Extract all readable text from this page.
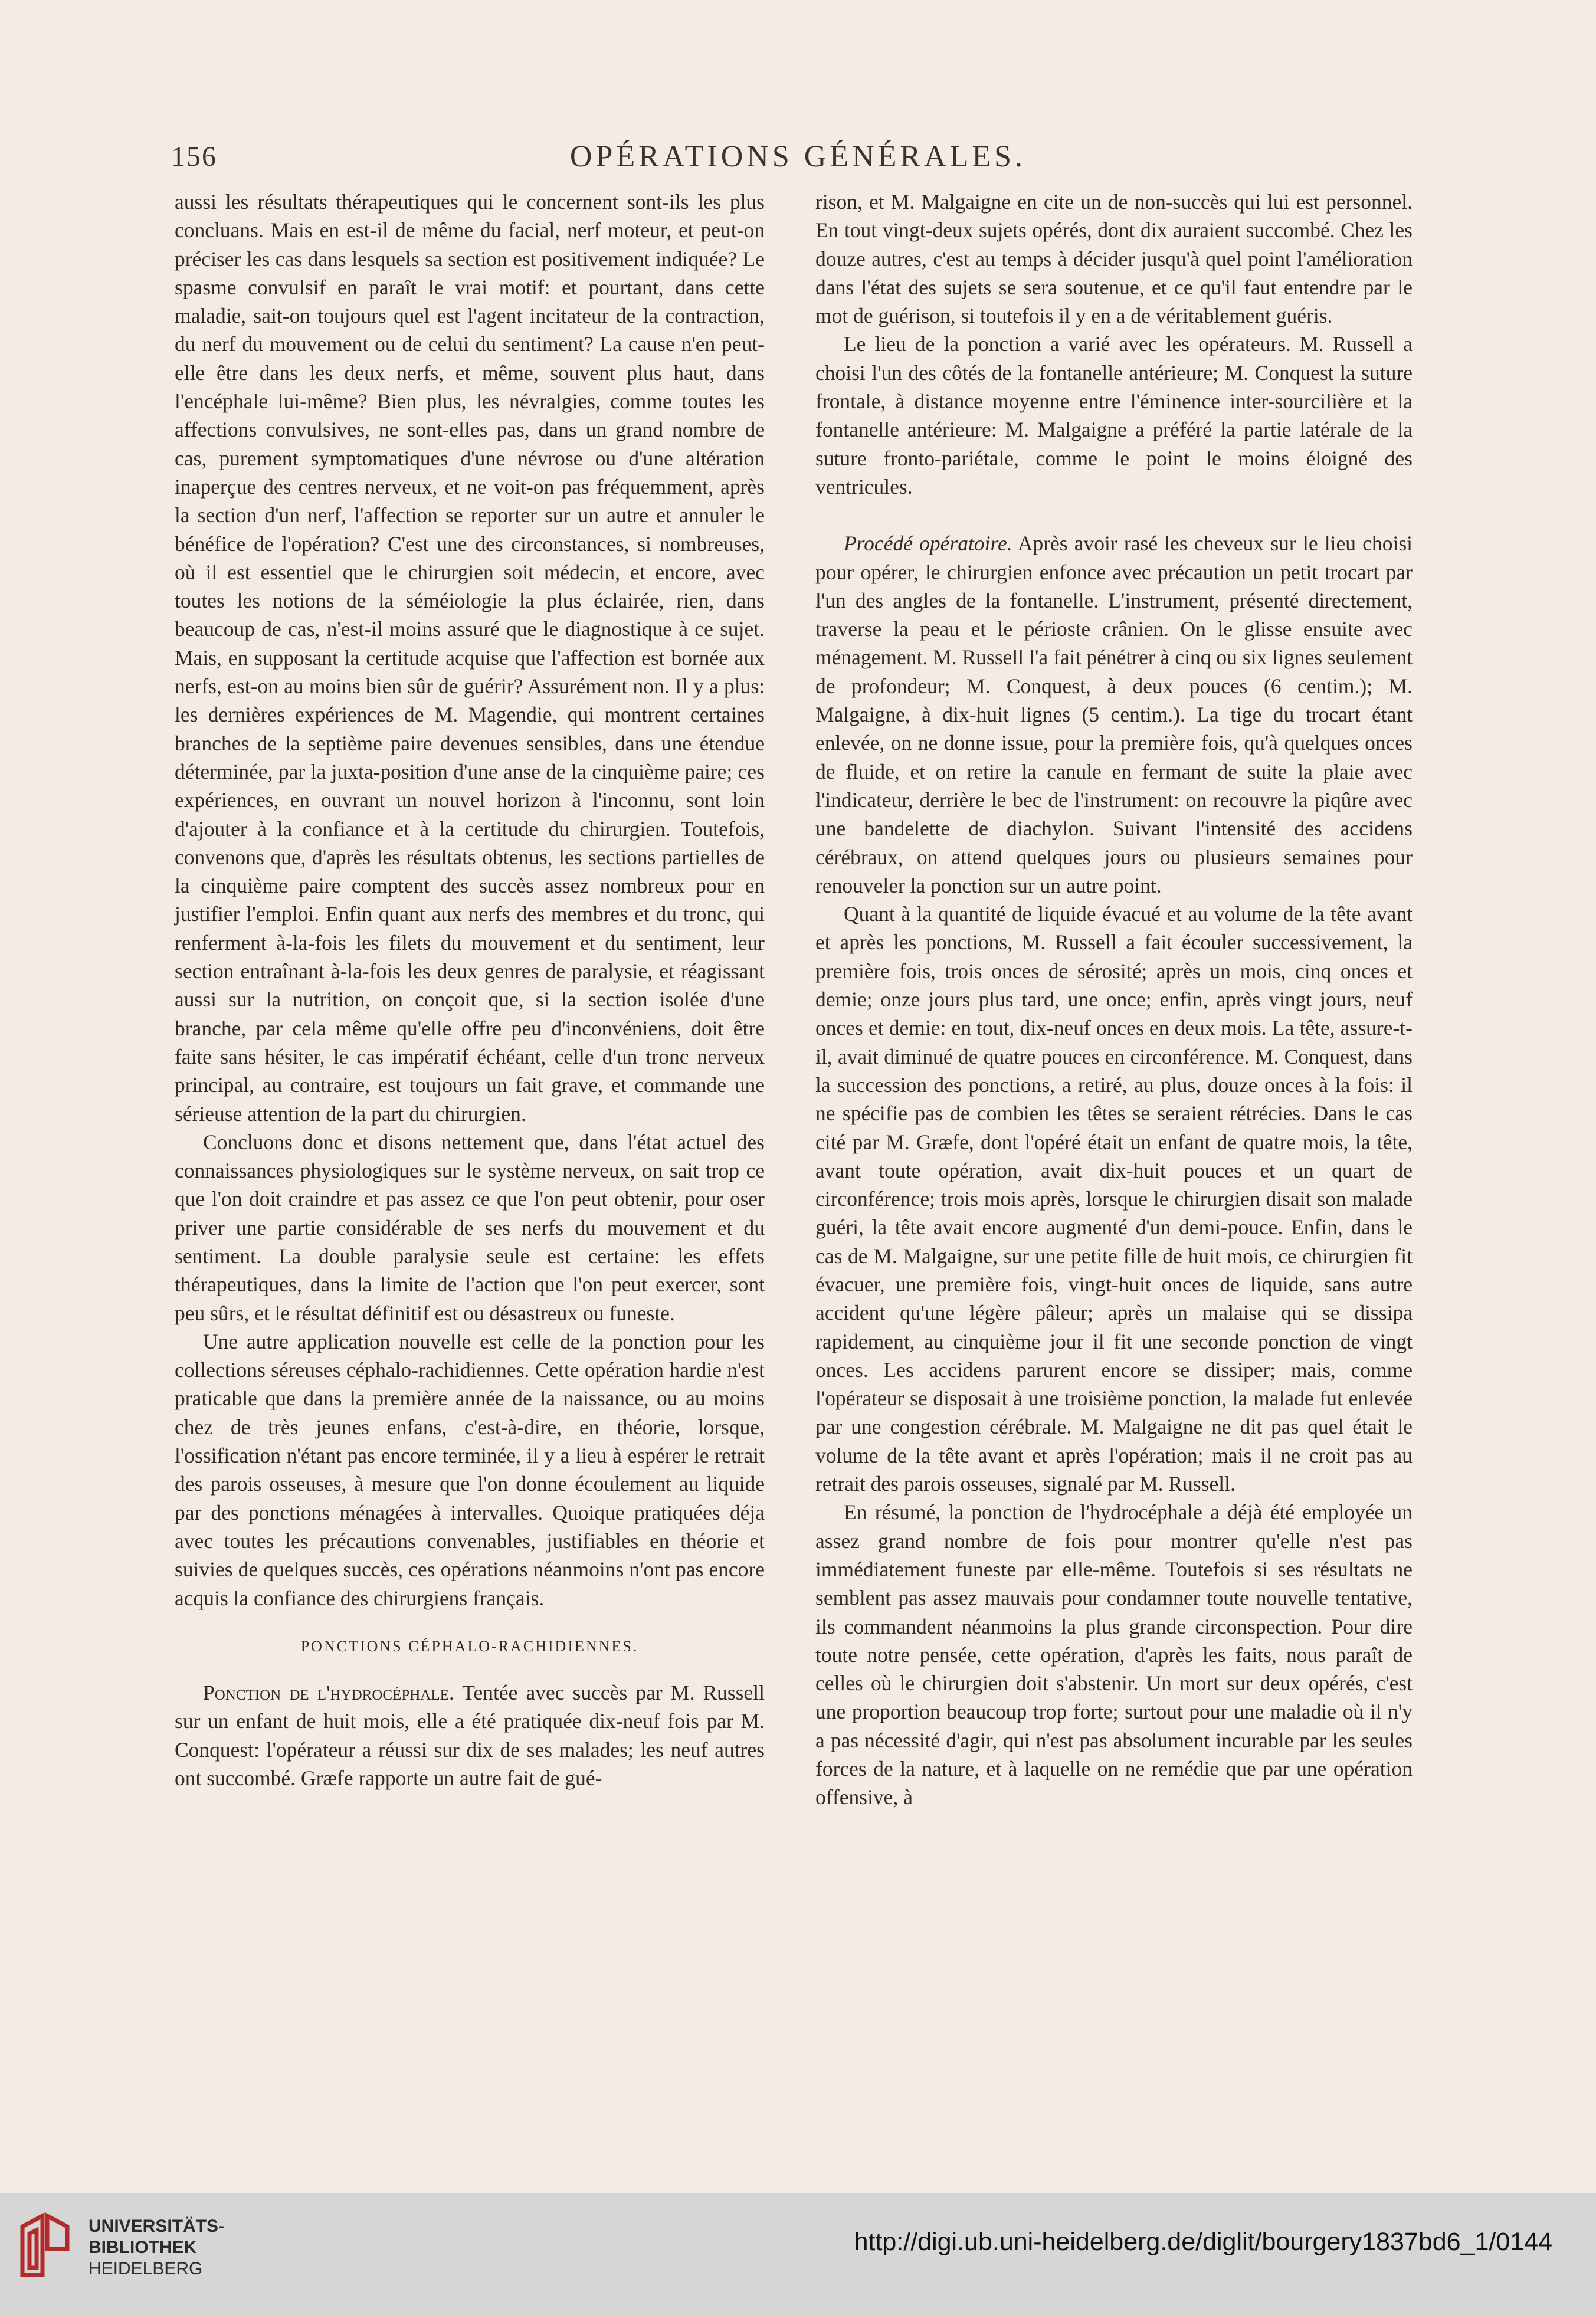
156	OPÉRATIONS GÉNÉRALES.

aussi les résultats thérapeutiques qui le concernent sont-ils les plus concluans. Mais en est-il de même du facial, nerf moteur, et peut-on préciser les cas dans lesquels sa section est positivement indiquée? Le spasme convulsif en paraît le vrai motif: et pourtant, dans cette maladie, sait-on toujours quel est l'agent incitateur de la contraction, du nerf du mouvement ou de celui du sentiment? La cause n'en peut-elle être dans les deux nerfs, et même, souvent plus haut, dans l'encéphale lui-même? Bien plus, les névralgies, comme toutes les affections convulsives, ne sont-elles pas, dans un grand nombre de cas, purement symptomatiques d'une névrose ou d'une altération inaperçue des centres nerveux, et ne voit-on pas fréquemment, après la section d'un nerf, l'affection se reporter sur un autre et annuler le bénéfice de l'opération? C'est une des circonstances, si nombreuses, où il est essentiel que le chirurgien soit médecin, et encore, avec toutes les notions de la séméiologie la plus éclairée, rien, dans beaucoup de cas, n'est-il moins assuré que le diagnostique à ce sujet. Mais, en supposant la certitude acquise que l'affection est bornée aux nerfs, est-on au moins bien sûr de guérir? Assurément non. Il y a plus: les dernières expériences de M. Magendie, qui montrent certaines branches de la septième paire devenues sensibles, dans une étendue déterminée, par la juxta-position d'une anse de la cinquième paire; ces expériences, en ouvrant un nouvel horizon à l'inconnu, sont loin d'ajouter à la confiance et à la certitude du chirurgien. Toutefois, convenons que, d'après les résultats obtenus, les sections partielles de la cinquième paire comptent des succès assez nombreux pour en justifier l'emploi. Enfin quant aux nerfs des membres et du tronc, qui renferment à-la-fois les filets du mouvement et du sentiment, leur section entraînant à-la-fois les deux genres de paralysie, et réagissant aussi sur la nutrition, on conçoit que, si la section isolée d'une branche, par cela même qu'elle offre peu d'inconvéniens, doit être faite sans hésiter, le cas impératif échéant, celle d'un tronc nerveux principal, au contraire, est toujours un fait grave, et commande une sérieuse attention de la part du chirurgien.

Concluons donc et disons nettement que, dans l'état actuel des connaissances physiologiques sur le système nerveux, on sait trop ce que l'on doit craindre et pas assez ce que l'on peut obtenir, pour oser priver une partie considérable de ses nerfs du mouvement et du sentiment. La double paralysie seule est certaine: les effets thérapeutiques, dans la limite de l'action que l'on peut exercer, sont peu sûrs, et le résultat définitif est ou désastreux ou funeste.

Une autre application nouvelle est celle de la ponction pour les collections séreuses céphalo-rachidiennes. Cette opération hardie n'est praticable que dans la première année de la naissance, ou au moins chez de très jeunes enfans, c'est-à-dire, en théorie, lorsque, l'ossification n'étant pas encore terminée, il y a lieu à espérer le retrait des parois osseuses, à mesure que l'on donne écoulement au liquide par des ponctions ménagées à intervalles. Quoique pratiquées déja avec toutes les précautions convenables, justifiables en théorie et suivies de quelques succès, ces opérations néanmoins n'ont pas encore acquis la confiance des chirurgiens français.

PONCTIONS CÉPHALO-RACHIDIENNES.

Ponction de l'hydrocéphale. Tentée avec succès par M. Russell sur un enfant de huit mois, elle a été pratiquée dix-neuf fois par M. Conquest: l'opérateur a réussi sur dix de ses malades; les neuf autres ont succombé. Græfe rapporte un autre fait de gué-

rison, et M. Malgaigne en cite un de non-succès qui lui est personnel. En tout vingt-deux sujets opérés, dont dix auraient succombé. Chez les douze autres, c'est au temps à décider jusqu'à quel point l'amélioration dans l'état des sujets se sera soutenue, et ce qu'il faut entendre par le mot de guérison, si toutefois il y en a de véritablement guéris.

Le lieu de la ponction a varié avec les opérateurs. M. Russell a choisi l'un des côtés de la fontanelle antérieure; M. Conquest la suture frontale, à distance moyenne entre l'éminence inter-sourcilière et la fontanelle antérieure: M. Malgaigne a préféré la partie latérale de la suture fronto-pariétale, comme le point le moins éloigné des ventricules.

Procédé opératoire. Après avoir rasé les cheveux sur le lieu choisi pour opérer, le chirurgien enfonce avec précaution un petit trocart par l'un des angles de la fontanelle. L'instrument, présenté directement, traverse la peau et le périoste crânien. On le glisse ensuite avec ménagement. M. Russell l'a fait pénétrer à cinq ou six lignes seulement de profondeur; M. Conquest, à deux pouces (6 centim.); M. Malgaigne, à dix-huit lignes (5 centim.). La tige du trocart étant enlevée, on ne donne issue, pour la première fois, qu'à quelques onces de fluide, et on retire la canule en fermant de suite la plaie avec l'indicateur, derrière le bec de l'instrument: on recouvre la piqûre avec une bandelette de diachylon. Suivant l'intensité des accidens cérébraux, on attend quelques jours ou plusieurs semaines pour renouveler la ponction sur un autre point.

Quant à la quantité de liquide évacué et au volume de la tête avant et après les ponctions, M. Russell a fait écouler successivement, la première fois, trois onces de sérosité; après un mois, cinq onces et demie; onze jours plus tard, une once; enfin, après vingt jours, neuf onces et demie: en tout, dix-neuf onces en deux mois. La tête, assure-t-il, avait diminué de quatre pouces en circonférence. M. Conquest, dans la succession des ponctions, a retiré, au plus, douze onces à la fois: il ne spécifie pas de combien les têtes se seraient rétrécies. Dans le cas cité par M. Græfe, dont l'opéré était un enfant de quatre mois, la tête, avant toute opération, avait dix-huit pouces et un quart de circonférence; trois mois après, lorsque le chirurgien disait son malade guéri, la tête avait encore augmenté d'un demi-pouce. Enfin, dans le cas de M. Malgaigne, sur une petite fille de huit mois, ce chirurgien fit évacuer, une première fois, vingt-huit onces de liquide, sans autre accident qu'une légère pâleur; après un malaise qui se dissipa rapidement, au cinquième jour il fit une seconde ponction de vingt onces. Les accidens parurent encore se dissiper; mais, comme l'opérateur se disposait à une troisième ponction, la malade fut enlevée par une congestion cérébrale. M. Malgaigne ne dit pas quel était le volume de la tête avant et après l'opération; mais il ne croit pas au retrait des parois osseuses, signalé par M. Russell.

En résumé, la ponction de l'hydrocéphale a déjà été employée un assez grand nombre de fois pour montrer qu'elle n'est pas immédiatement funeste par elle-même. Toutefois si ses résultats ne semblent pas assez mauvais pour condamner toute nouvelle tentative, ils commandent néanmoins la plus grande circonspection. Pour dire toute notre pensée, cette opération, d'après les faits, nous paraît de celles où le chirurgien doit s'abstenir. Un mort sur deux opérés, c'est une proportion beaucoup trop forte; surtout pour une maladie où il n'y a pas nécessité d'agir, qui n'est pas absolument incurable par les seules forces de la nature, et à laquelle on ne remédie que par une opération offensive, à

UNIVERSITÄTS-
BIBLIOTHEK
HEIDELBERG
http://digi.ub.uni-heidelberg.de/diglit/bourgery1837bd6_1/0144
